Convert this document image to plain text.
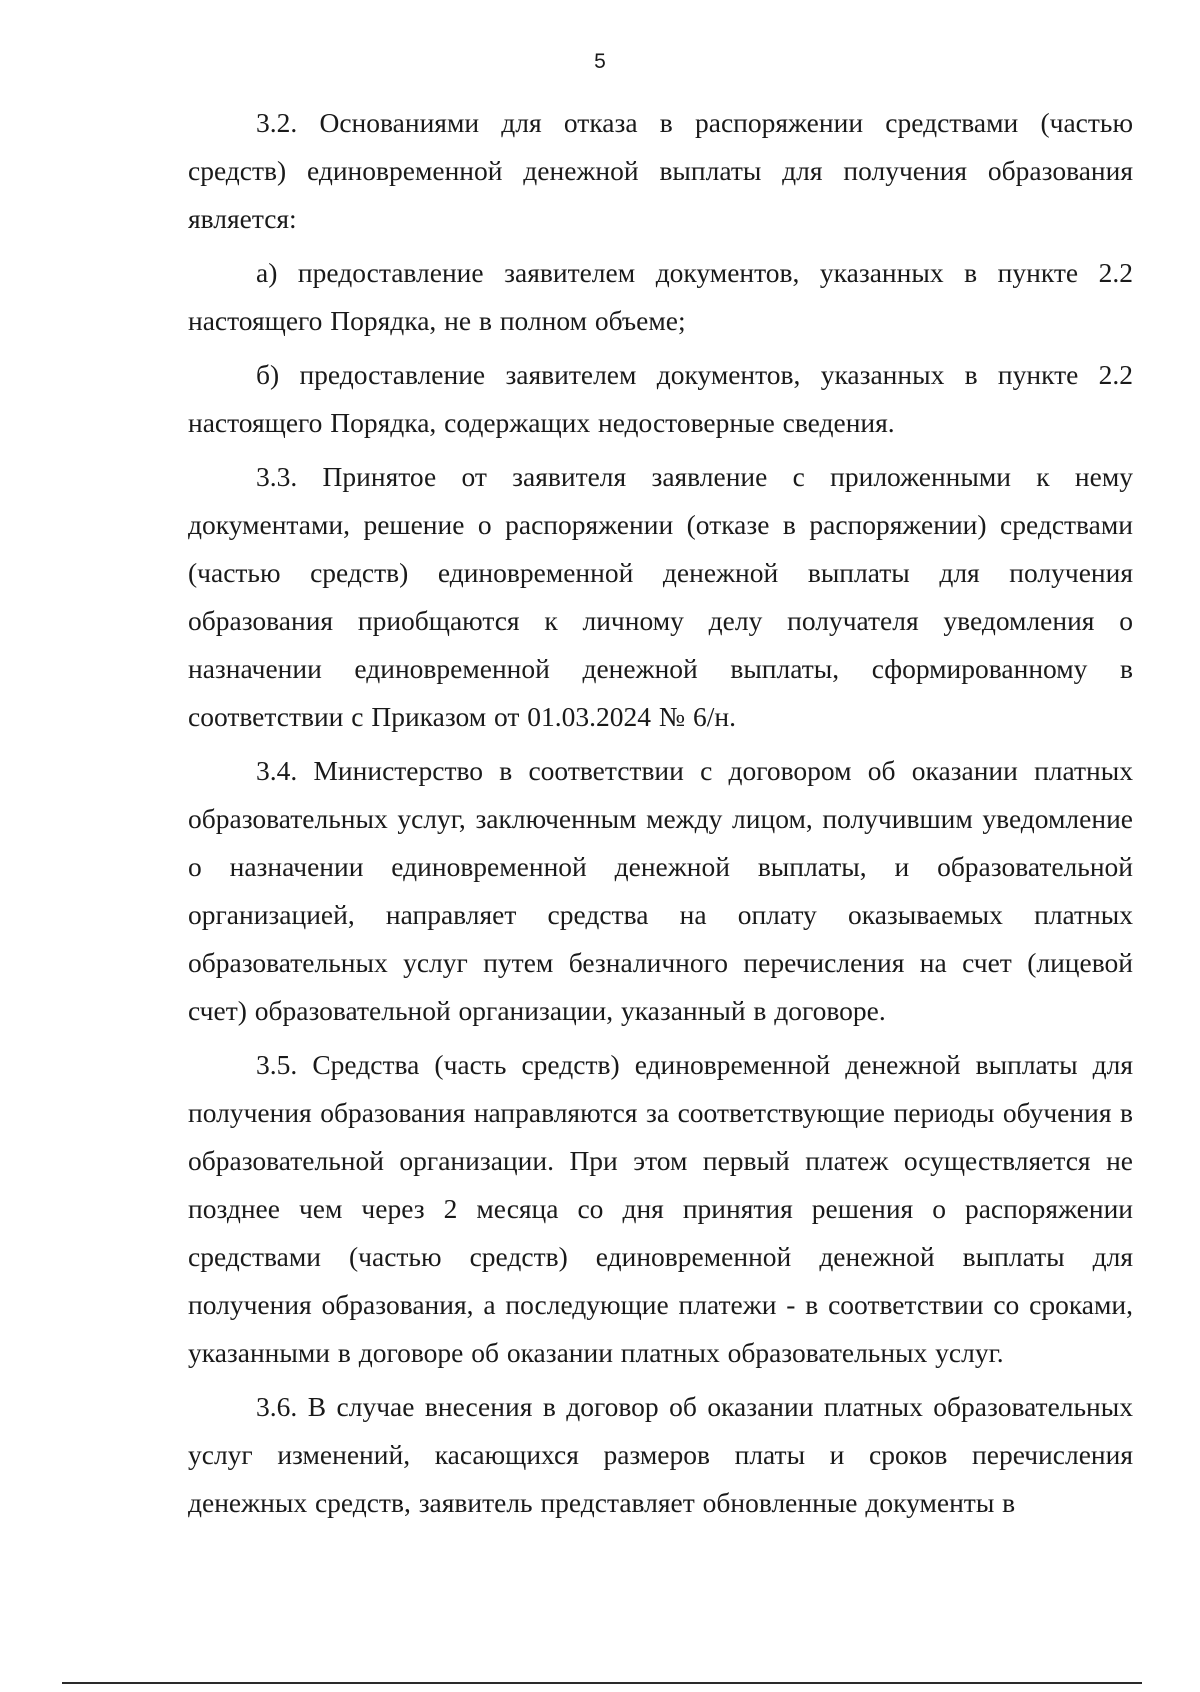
5

3.2. Основаниями для отказа в распоряжении средствами (частью средств) единовременной денежной выплаты для получения образования является:

а) предоставление заявителем документов, указанных в пункте 2.2 настоящего Порядка, не в полном объеме;

б) предоставление заявителем документов, указанных в пункте 2.2 настоящего Порядка, содержащих недостоверные сведения.

3.3. Принятое от заявителя заявление с приложенными к нему документами, решение о распоряжении (отказе в распоряжении) средствами (частью средств) единовременной денежной выплаты для получения образования приобщаются к личному делу получателя уведомления о назначении единовременной денежной выплаты, сформированному в соответствии с Приказом от 01.03.2024 № 6/н.

3.4. Министерство в соответствии с договором об оказании платных образовательных услуг, заключенным между лицом, получившим уведомление о назначении единовременной денежной выплаты, и образовательной организацией, направляет средства на оплату оказываемых платных образовательных услуг путем безналичного перечисления на счет (лицевой счет) образовательной организации, указанный в договоре.

3.5. Средства (часть средств) единовременной денежной выплаты для получения образования направляются за соответствующие периоды обучения в образовательной организации. При этом первый платеж осуществляется не позднее чем через 2 месяца со дня принятия решения о распоряжении средствами (частью средств) единовременной денежной выплаты для получения образования, а последующие платежи - в соответствии со сроками, указанными в договоре об оказании платных образовательных услуг.

3.6. В случае внесения в договор об оказании платных образовательных услуг изменений, касающихся размеров платы и сроков перечисления денежных средств, заявитель представляет обновленные документы в
